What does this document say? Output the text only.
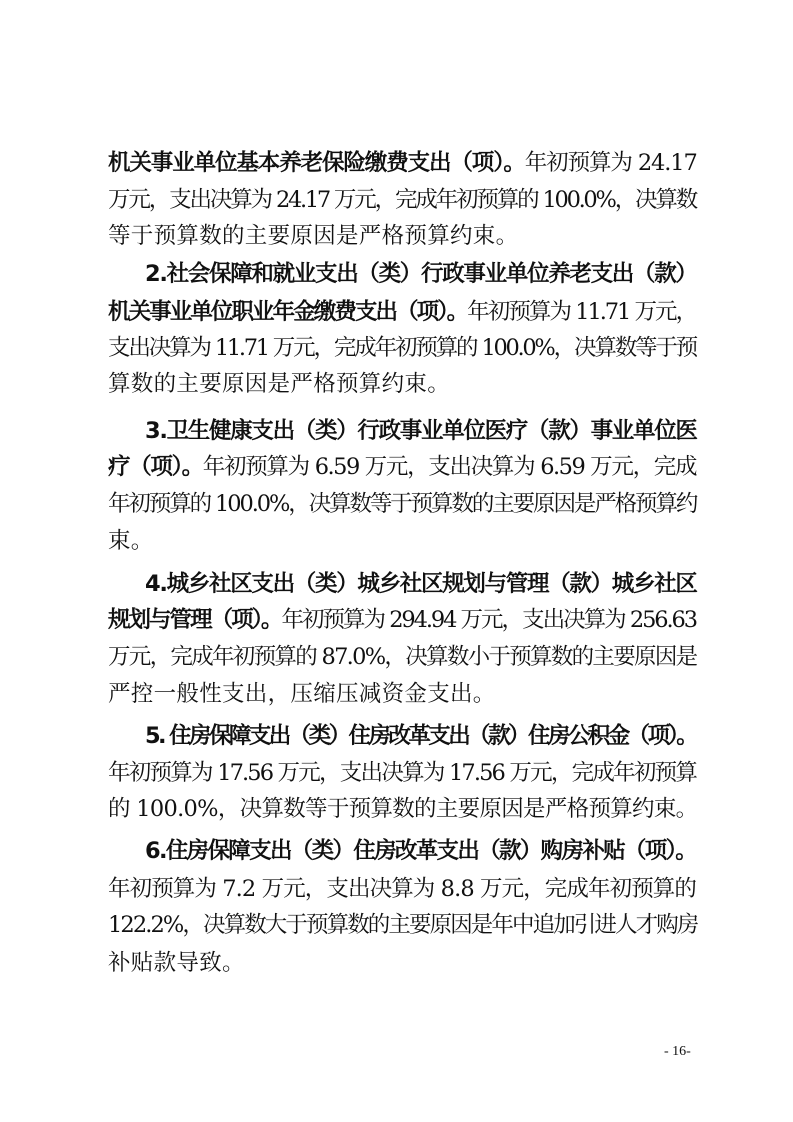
机关事业单位基本养老保险缴费支出（项）。年初预算为 24.17
万元，支出决算为 24.17 万元，完成年初预算的 100.0%，决算数
等于预算数的主要原因是严格预算约束。
2.社会保障和就业支出（类）行政事业单位养老支出（款）
机关事业单位职业年金缴费支出（项）。年初预算为 11.71 万元，
支出决算为 11.71 万元，完成年初预算的 100.0%，决算数等于预
算数的主要原因是严格预算约束。
3.卫生健康支出（类）行政事业单位医疗（款）事业单位医
疗（项）。年初预算为 6.59 万元，支出决算为 6.59 万元，完成
年初预算的 100.0%，决算数等于预算数的主要原因是严格预算约
束。
4.城乡社区支出（类）城乡社区规划与管理（款）城乡社区
规划与管理（项）。年初预算为 294.94 万元，支出决算为 256.63
万元，完成年初预算的 87.0%，决算数小于预算数的主要原因是
严控一般性支出，压缩压减资金支出。
5. 住房保障支出（类）住房改革支出（款）住房公积金（项）。
年初预算为 17.56 万元，支出决算为 17.56 万元，完成年初预算
的 100.0%，决算数等于预算数的主要原因是严格预算约束。
6.住房保障支出（类）住房改革支出（款）购房补贴（项）。
年初预算为 7.2 万元，支出决算为 8.8 万元，完成年初预算的
122.2%，决算数大于预算数的主要原因是年中追加引进人才购房
补贴款导致。
- 16-
